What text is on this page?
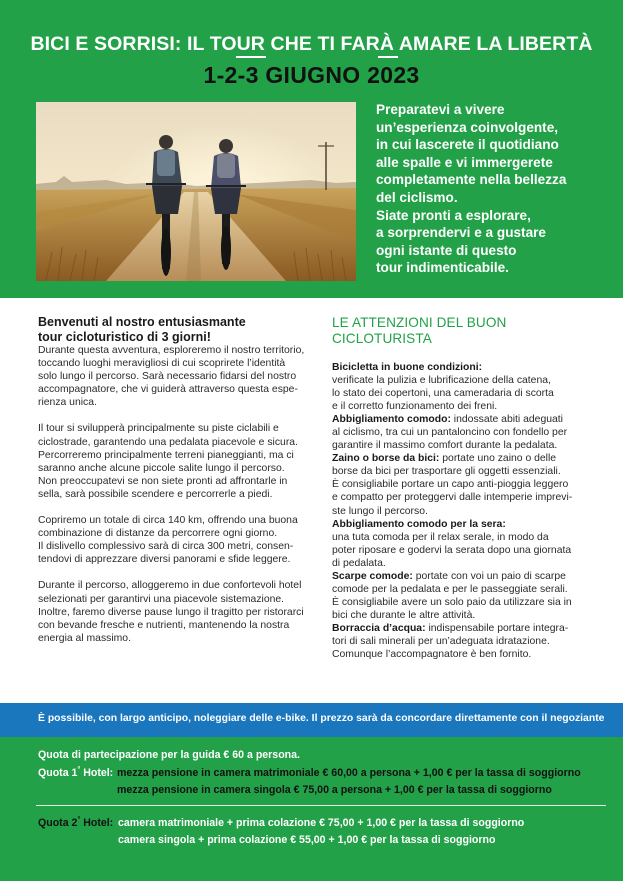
BICI E SORRISI: IL TOUR CHE TI FARÀ AMARE LA LIBERTÀ
1-2-3 GIUGNO 2023
Preparatevi a vivere
un’esperienza coinvolgente,
in cui lascerete il quotidiano
alle spalle e vi immergerete
completamente nella bellezza
del ciclismo.
Siate pronti a esplorare,
a sorprendervi e a gustare
ogni istante di questo
tour indimenticabile.
Benvenuti al nostro entusiasmante
tour cicloturistico di 3 giorni!
Durante questa avventura, esploreremo il nostro territorio,
toccando luoghi meravigliosi di cui scoprirete l’identità
solo lungo il percorso. Sarà necessario fidarsi del nostro
accompagnatore, che vi guiderà attraverso questa espe-
rienza unica.
Il tour si svilupperà principalmente su piste ciclabili e
ciclostrade, garantendo una pedalata piacevole e sicura.
Percorreremo principalmente terreni pianeggianti, ma ci
saranno anche alcune piccole salite lungo il percorso.
Non preoccupatevi se non siete pronti ad affrontarle in
sella, sarà possibile scendere e percorrerle a piedi.
Copriremo un totale di circa 140 km, offrendo una buona
combinazione di distanze da percorrere ogni giorno.
Il dislivello complessivo sarà di circa 300 metri, consen-
tendovi di apprezzare diversi panorami e sfide leggere.
Durante il percorso, alloggeremo in due confortevoli hotel
selezionati per garantirvi una piacevole sistemazione.
Inoltre, faremo diverse pause lungo il tragitto per ristorarci
con bevande fresche e nutrienti, mantenendo la nostra
energia al massimo.
LE ATTENZIONI DEL BUON CICLOTURISTA
Bicicletta in buone condizioni:
verificate la pulizia e lubrificazione della catena,
lo stato dei copertoni, una cameradaria di scorta
e il corretto funzionamento dei freni.
Abbigliamento comodo: indossate abiti adeguati
al ciclismo, tra cui un pantaloncino con fondello per
garantire il massimo comfort durante la pedalata.
Zaino o borse da bici: portate uno zaino o delle
borse da bici per trasportare gli oggetti essenziali.
È consigliabile portare un capo anti-pioggia leggero
e compatto per proteggervi dalle intemperie imprevi-
ste lungo il percorso.
Abbigliamento comodo per la sera:
una tuta comoda per il relax serale, in modo da
poter riposare e godervi la serata dopo una giornata
di pedalata.
Scarpe comode: portate con voi un paio di scarpe
comode per la pedalata e per le passeggiate serali.
È consigliabile avere un solo paio da utilizzare sia in
bici che durante le altre attività.
Borraccia d’acqua: indispensabile portare integra-
tori di sali minerali per un’adeguata idratazione.
Comunque l’accompagnatore è ben fornito.
È possibile, con largo anticipo, noleggiare delle e-bike. Il prezzo sarà da concordare direttamente con il negoziante
Quota di partecipazione per la guida € 60 a persona.
Quota 1° Hotel: mezza pensione in camera matrimoniale € 60,00 a persona + 1,00 € per la tassa di soggiorno
mezza pensione in camera singola € 75,00 a persona + 1,00 € per la tassa di soggiorno
Quota 2° Hotel: camera matrimoniale + prima colazione € 75,00 + 1,00 € per la tassa di soggiorno
camera singola + prima colazione € 55,00 + 1,00 € per la tassa di soggiorno
